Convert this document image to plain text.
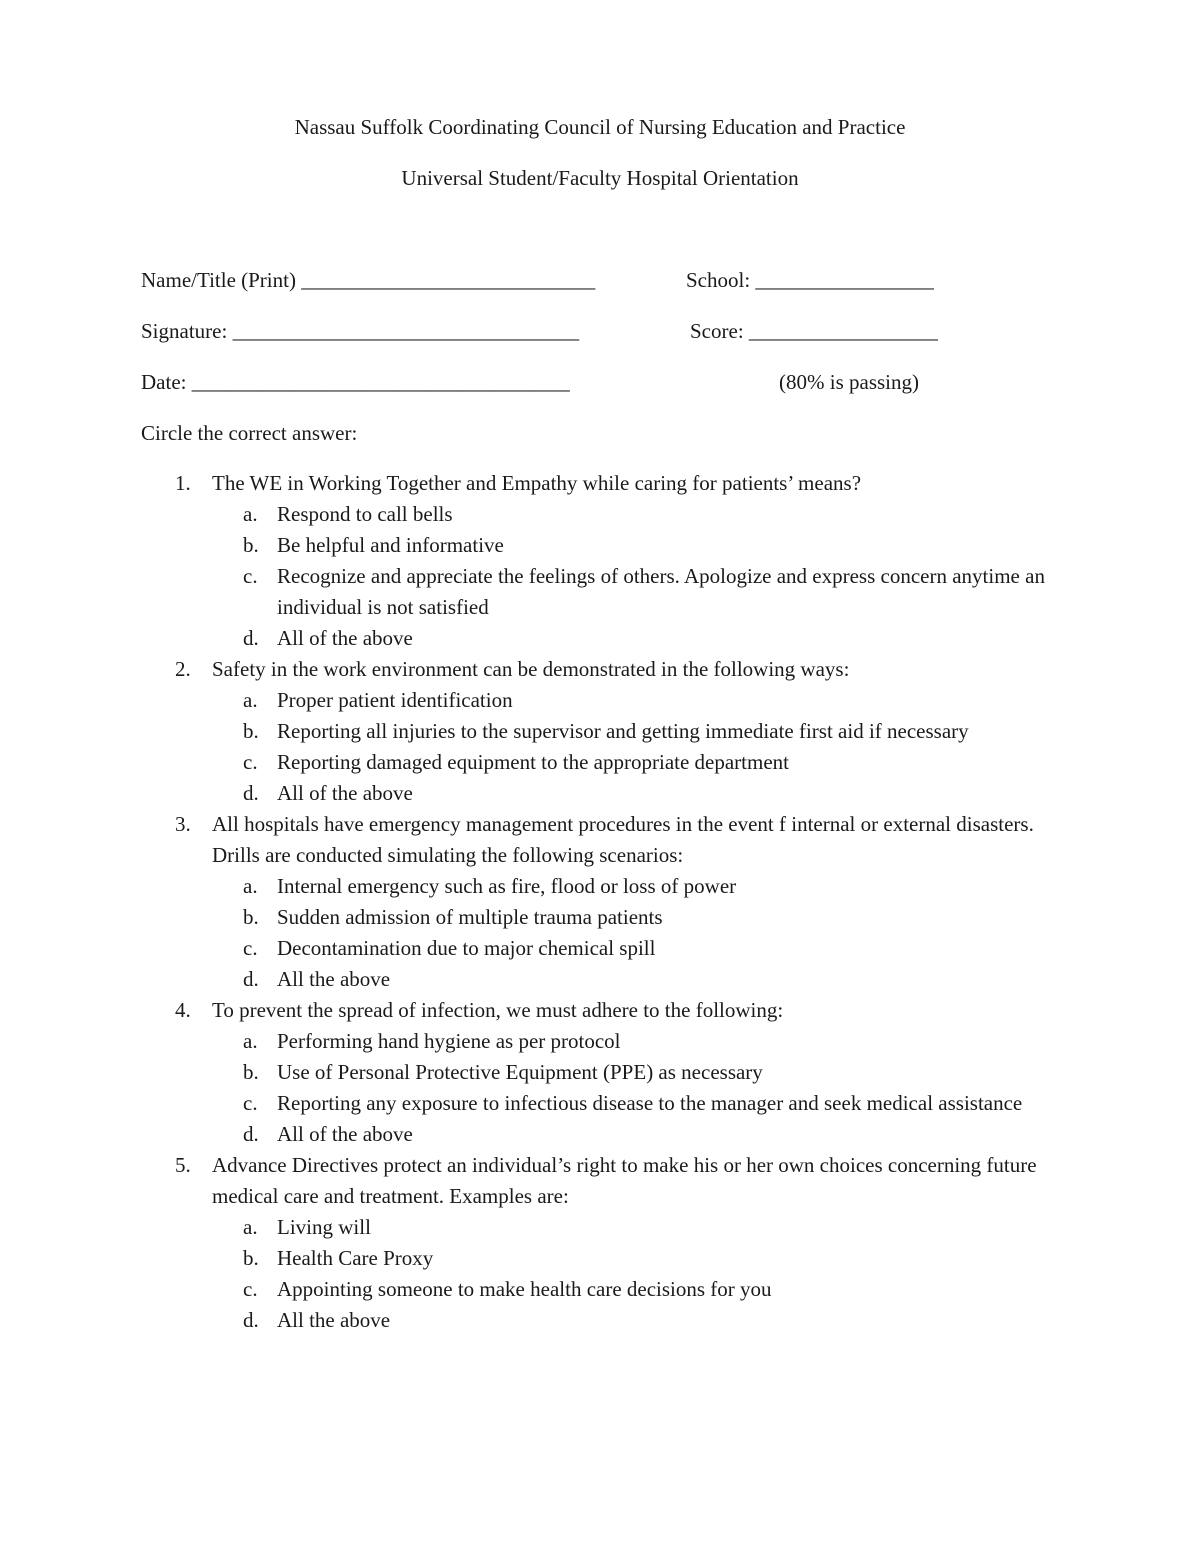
Nassau Suffolk Coordinating Council of Nursing Education and Practice
Universal Student/Faculty Hospital Orientation
Name/Title (Print) ____________________________	School: _________________
Signature: _________________________________	Score: __________________
Date: ____________________________________	(80% is passing)
Circle the correct answer:
1. The WE in Working Together and Empathy while caring for patients’ means?
a. Respond to call bells
b. Be helpful and informative
c. Recognize and appreciate the feelings of others. Apologize and express concern anytime an individual is not satisfied
d. All of the above
2. Safety in the work environment can be demonstrated in the following ways:
a. Proper patient identification
b. Reporting all injuries to the supervisor and getting immediate first aid if necessary
c. Reporting damaged equipment to the appropriate department
d. All of the above
3. All hospitals have emergency management procedures in the event f internal or external disasters. Drills are conducted simulating the following scenarios:
a. Internal emergency such as fire, flood or loss of power
b. Sudden admission of multiple trauma patients
c. Decontamination due to major chemical spill
d. All the above
4. To prevent the spread of infection, we must adhere to the following:
a. Performing hand hygiene as per protocol
b. Use of Personal Protective Equipment (PPE) as necessary
c. Reporting any exposure to infectious disease to the manager and seek medical assistance
d. All of the above
5. Advance Directives protect an individual’s right to make his or her own choices concerning future medical care and treatment. Examples are:
a. Living will
b. Health Care Proxy
c. Appointing someone to make health care decisions for you
d. All the above
